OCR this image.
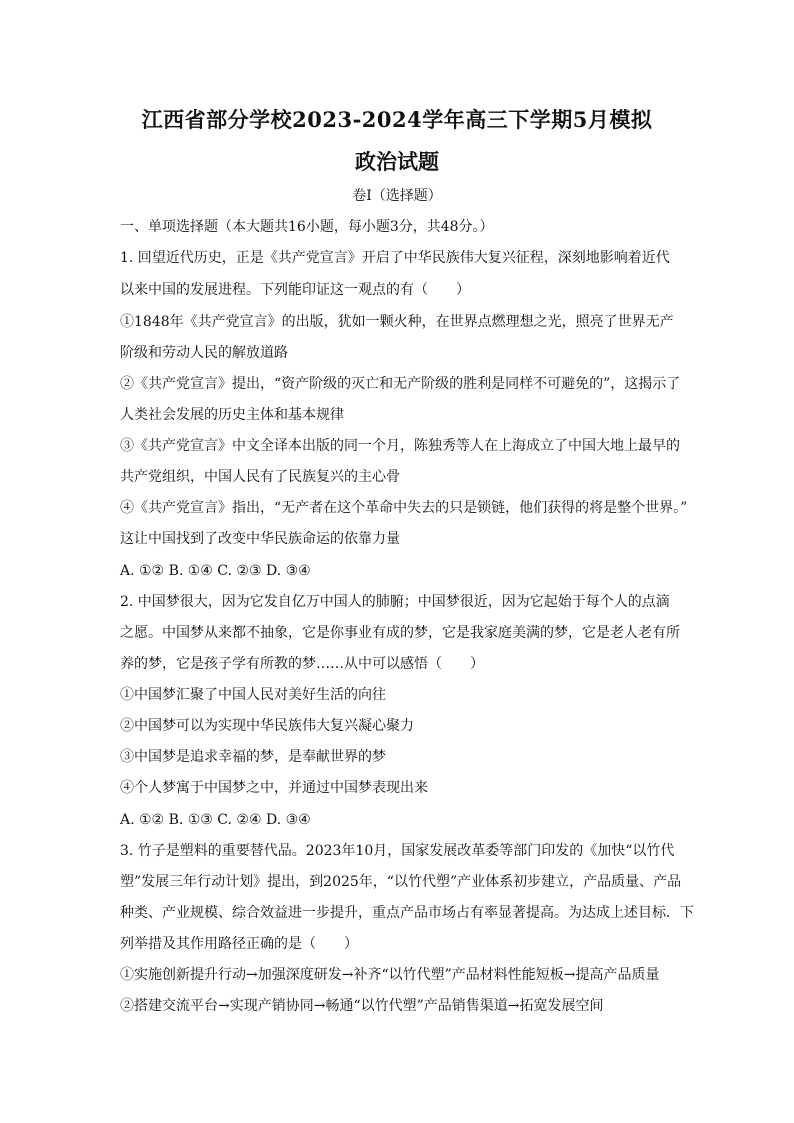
江西省部分学校2023-2024学年高三下学期5月模拟
政治试题
卷I（选择题）
一、单项选择题（本大题共16小题，每小题3分，共48分。）
1. 回望近代历史，正是《共产党宣言》开启了中华民族伟大复兴征程，深刻地影响着近代
以来中国的发展进程。下列能印证这一观点的有（　　）
①1848年《共产党宣言》的出版，犹如一颗火种，在世界点燃理想之光，照亮了世界无产
阶级和劳动人民的解放道路
②《共产党宣言》提出，“资产阶级的灭亡和无产阶级的胜利是同样不可避免的”，这揭示了
人类社会发展的历史主体和基本规律
③《共产党宣言》中文全译本出版的同一个月，陈独秀等人在上海成立了中国大地上最早的
共产党组织，中国人民有了民族复兴的主心骨
④《共产党宣言》指出，“无产者在这个革命中失去的只是锁链，他们获得的将是整个世界。”
这让中国找到了改变中华民族命运的依靠力量
A. ①② B. ①④ C. ②③ D. ③④
2. 中国梦很大，因为它发自亿万中国人的肺腑；中国梦很近，因为它起始于每个人的点滴
之愿。中国梦从来都不抽象，它是你事业有成的梦，它是我家庭美满的梦，它是老人老有所
养的梦，它是孩子学有所教的梦……从中可以感悟（　　）
①中国梦汇聚了中国人民对美好生活的向往
②中国梦可以为实现中华民族伟大复兴凝心聚力
③中国梦是追求幸福的梦，是奉献世界的梦
④个人梦寓于中国梦之中，并通过中国梦表现出来
A. ①② B. ①③ C. ②④ D. ③④
3. 竹子是塑料的重要替代品。2023年10月，国家发展改革委等部门印发的《加快“以竹代
塑”发展三年行动计划》提出，到2025年，“以竹代塑”产业体系初步建立，产品质量、产品
种类、产业规模、综合效益进一步提升，重点产品市场占有率显著提高。为达成上述目标．下
列举措及其作用路径正确的是（　　）
①实施创新提升行动→加强深度研发→补齐“以竹代塑”产品材料性能短板→提高产品质量
②搭建交流平台→实现产销协同→畅通“以竹代塑”产品销售渠道→拓宽发展空间
